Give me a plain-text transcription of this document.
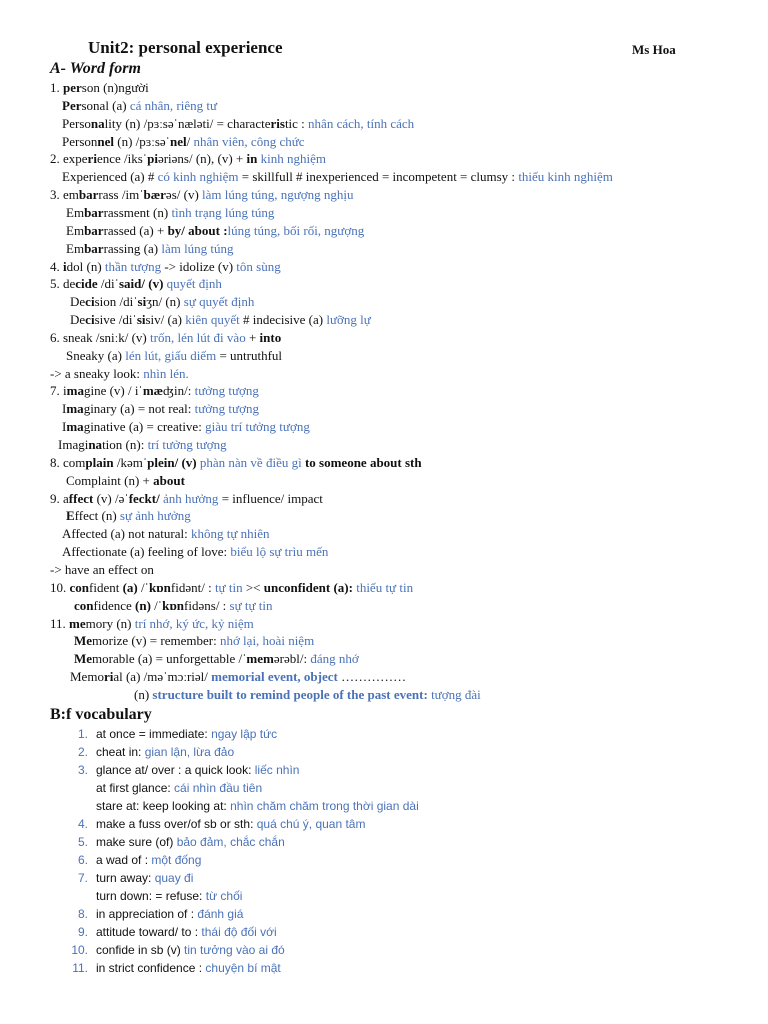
Unit2: personal experience	Ms Hoa
A- Word form
1. person (n)người
Personal (a) cá nhân, riêng tư
Personality (n) /pɜːsəˈnæləti/ = characteristic : nhân cách, tính cách
Personnel (n) /pɜːsəˈnel/ nhân viên, công chức
2. experience /iksˈpiəriəns/ (n), (v) + in kinh nghiệm
Experienced (a) # có kinh nghiệm = skillfull # inexperienced = incompetent = clumsy : thiếu kinh nghiệm
3. embarrass /imˈbærəs/ (v) làm lúng túng, ngượng nghịu
Embarrassment (n) tình trạng lúng túng
Embarrassed (a) + by/ about :lúng túng, bối rối, ngượng
Embarrassing (a) làm lúng túng
4. idol (n) thần tượng -> idolize (v) tôn sùng
5. decide /diˈsaid/ (v) quyết định
Decision /diˈsiʒn/ (n) sự quyết định
Decisive /diˈsisiv/ (a) kiên quyết # indecisive (a) lưỡng lự
6. sneak /sniːk/ (v) trốn, lén lút đi vào + into
Sneaky (a) lén lút, giấu diếm = untruthful
-> a sneaky look: nhìn lén.
7. imagine (v) / iˈmæʤin/: tưởng tượng
Imaginary (a) = not real: tưởng tượng
Imaginative (a) = creative: giàu trí tưởng tượng
Imagination (n): trí tưởng tượng
8. complain /kəmˈplein/ (v) phàn nàn về điều gì to someone about sth
Complaint (n) + about
9. affect (v) /əˈfeckt/ ảnh hưởng = influence/ impact
Effect (n) sự ảnh hưởng
Affected (a) not natural: không tự nhiên
Affectionate (a) feeling of love: biểu lộ sự trìu mến
-> have an effect on
10. confident (a) /ˈkɒnfidənt/ : tự tin >< unconfident (a): thiếu tự tin
confidence (n) /ˈkɒnfidəns/ : sự tự tin
11. memory (n) trí nhớ, ký ức, kỷ niệm
Memorize (v) = remember: nhớ lại, hoài niệm
Memorable (a) = unforgettable /ˈmemərəbl/: đáng nhớ
Memorial (a) /məˈmɔːriəl/ memorial event, object ……………
(n) structure built to remind people of the past event: tượng đài
B:f vocabulary
at once = immediate: ngay lập tức
1.
cheat in: gian lận, lừa đảo
2.
glance at/ over : a quick look: liếc nhìn
3.
at first glance: cái nhìn đầu tiên
stare at: keep looking at: nhìn chăm chăm trong thời gian dài
make a fuss over/of sb or sth: quá chú ý, quan tâm
4.
make sure (of) bảo đảm, chắc chắn
5.
a wad of : một đống
6.
turn away: quay đi
7.
turn down: = refuse: từ chối
in appreciation of : đánh giá
8.
attitude toward/ to : thái độ đối với
9.
confide in sb (v) tin tưởng vào ai đó
10.
in strict confidence : chuyện bí mật
11.
